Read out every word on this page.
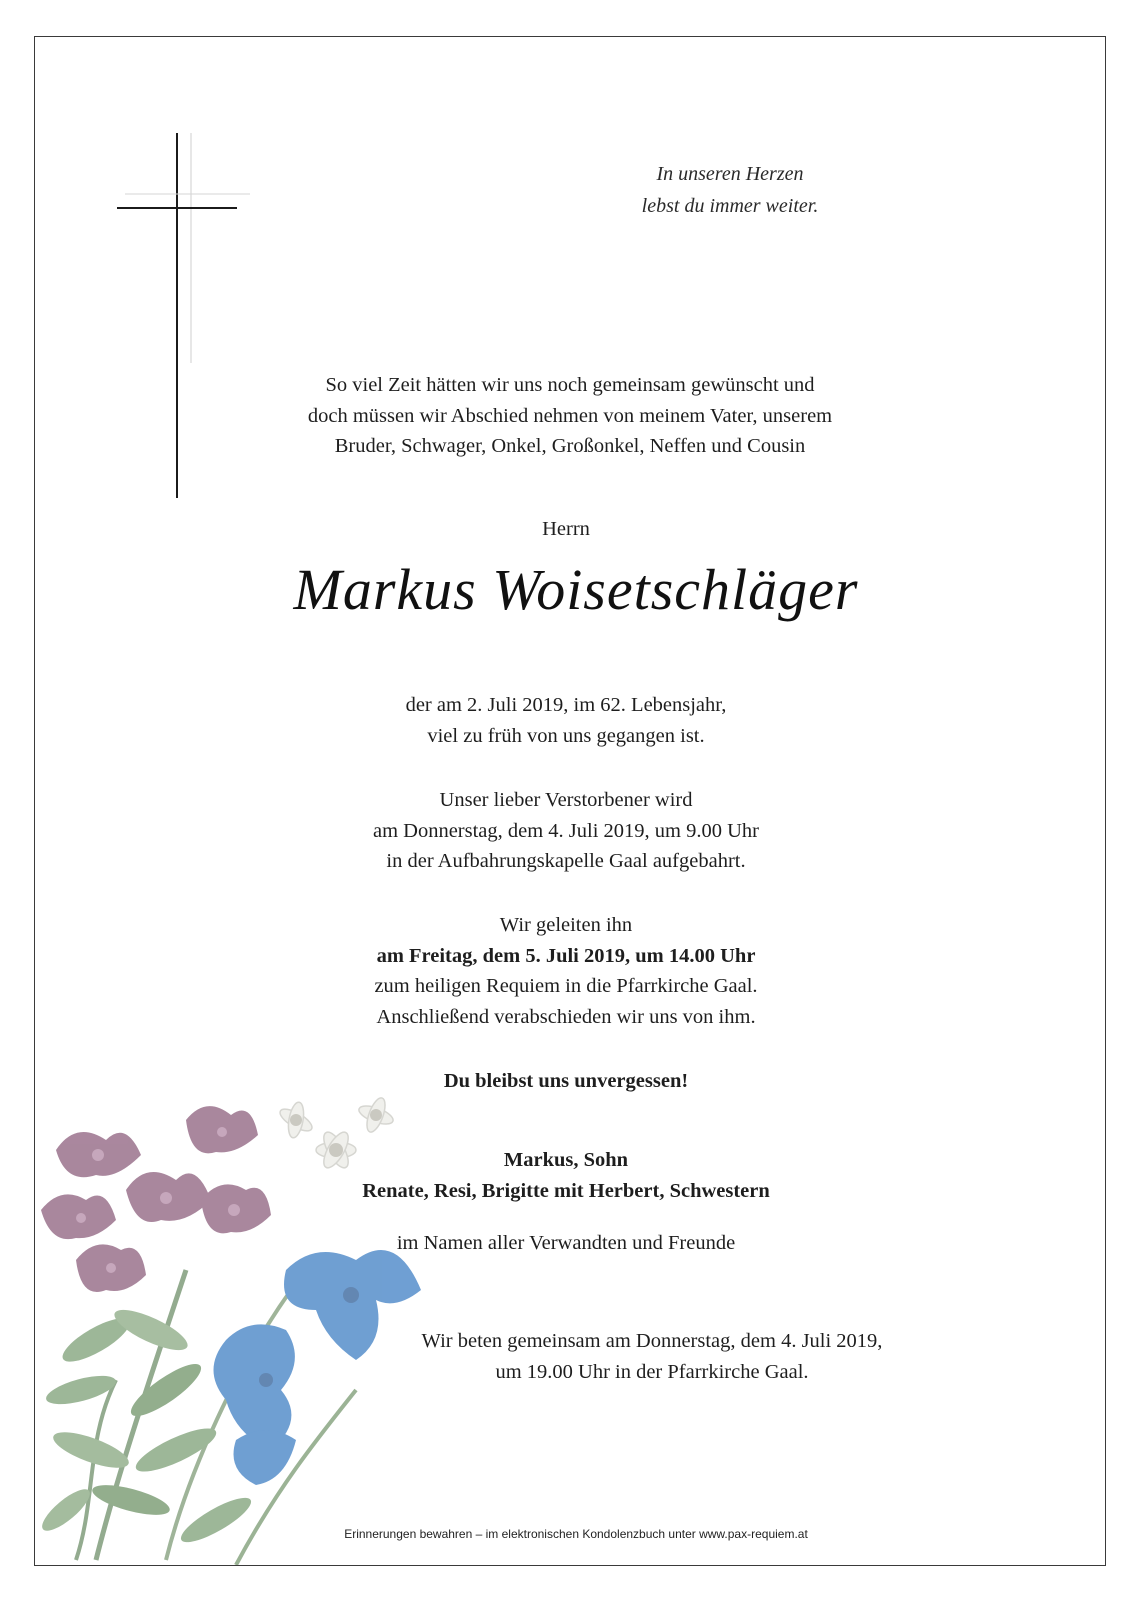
In unseren Herzen
lebst du immer weiter.
So viel Zeit hätten wir uns noch gemeinsam gewünscht und
doch müssen wir Abschied nehmen von meinem Vater, unserem
Bruder, Schwager, Onkel, Großonkel, Neffen und Cousin
Herrn
Markus Woisetschläger
der am 2. Juli 2019, im 62. Lebensjahr,
viel zu früh von uns gegangen ist.
Unser lieber Verstorbener wird
am Donnerstag, dem 4. Juli 2019, um 9.00 Uhr
in der Aufbahrungskapelle Gaal aufgebahrt.
Wir geleiten ihn
am Freitag, dem 5. Juli 2019, um 14.00 Uhr
zum heiligen Requiem in die Pfarrkirche Gaal.
Anschließend verabschieden wir uns von ihm.
Du bleibst uns unvergessen!
Markus, Sohn
Renate, Resi, Brigitte mit Herbert, Schwestern
im Namen aller Verwandten und Freunde
Wir beten gemeinsam am Donnerstag, dem 4. Juli 2019,
um 19.00 Uhr in der Pfarrkirche Gaal.
Erinnerungen bewahren – im elektronischen Kondolenzbuch unter www.pax-requiem.at
